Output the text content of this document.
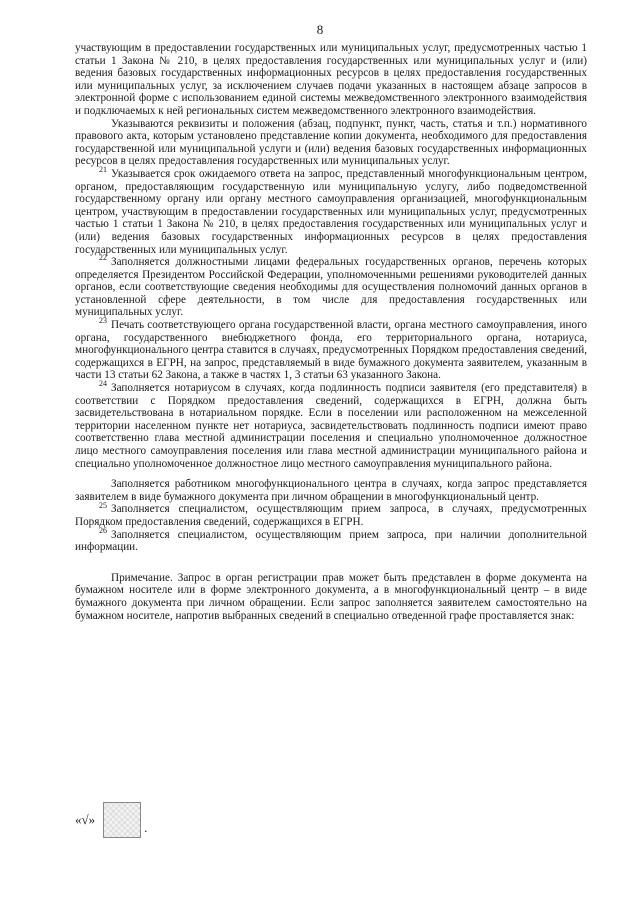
8

участвующим в предоставлении государственных или муниципальных услуг, предусмотренных частью 1 статьи 1 Закона № 210, в целях предоставления государственных или муниципальных услуг и (или) ведения базовых государственных информационных ресурсов в целях предоставления государственных или муниципальных услуг, за исключением случаев подачи указанных в настоящем абзаце запросов в электронной форме с использованием единой системы межведомственного электронного взаимодействия и подключаемых к ней региональных систем межведомственного электронного взаимодействия.

Указываются реквизиты и положения (абзац, подпункт, пункт, часть, статья и т.п.) нормативного правового акта, которым установлено представление копии документа, необходимого для предоставления государственной или муниципальной услуги и (или) ведения базовых государственных информационных ресурсов в целях предоставления государственных или муниципальных услуг.

21 Указывается срок ожидаемого ответа на запрос, представленный многофункциональным центром, органом, предоставляющим государственную или муниципальную услугу, либо подведомственной государственному органу или органу местного самоуправления организацией, многофункциональным центром, участвующим в предоставлении государственных или муниципальных услуг, предусмотренных частью 1 статьи 1 Закона № 210, в целях предоставления государственных или муниципальных услуг и (или) ведения базовых государственных информационных ресурсов в целях предоставления государственных или муниципальных услуг.

22 Заполняется должностными лицами федеральных государственных органов, перечень которых определяется Президентом Российской Федерации, уполномоченными решениями руководителей данных органов, если соответствующие сведения необходимы для осуществления полномочий данных органов в установленной сфере деятельности, в том числе для предоставления государственных или муниципальных услуг.

23 Печать соответствующего органа государственной власти, органа местного самоуправления, иного органа, государственного внебюджетного фонда, его территориального органа, нотариуса, многофункционального центра ставится в случаях, предусмотренных Порядком предоставления сведений, содержащихся в ЕГРН, на запрос, представляемый в виде бумажного документа заявителем, указанным в части 13 статьи 62 Закона, а также в частях 1, 3 статьи 63 указанного Закона.

24 Заполняется нотариусом в случаях, когда подлинность подписи заявителя (его представителя) в соответствии с Порядком предоставления сведений, содержащихся в ЕГРН, должна быть засвидетельствована в нотариальном порядке. Если в поселении или расположенном на межселенной территории населенном пункте нет нотариуса, засвидетельствовать подлинность подписи имеют право соответственно глава местной администрации поселения и специально уполномоченное должностное лицо местного самоуправления поселения или глава местной администрации муниципального района и специально уполномоченное должностное лицо местного самоуправления муниципального района.

Заполняется работником многофункционального центра в случаях, когда запрос представляется заявителем в виде бумажного документа при личном обращении в многофункциональный центр.

25 Заполняется специалистом, осуществляющим прием запроса, в случаях, предусмотренных Порядком предоставления сведений, содержащихся в ЕГРН.

26 Заполняется специалистом, осуществляющим прием запроса, при наличии дополнительной информации.

Примечание. Запрос в орган регистрации прав может быть представлен в форме документа на бумажном носителе или в форме электронного документа, а в многофункциональный центр – в виде бумажного документа при личном обращении. Если запрос заполняется заявителем самостоятельно на бумажном носителе, напротив выбранных сведений в специально отведенной графе проставляется знак:

«√»
.
